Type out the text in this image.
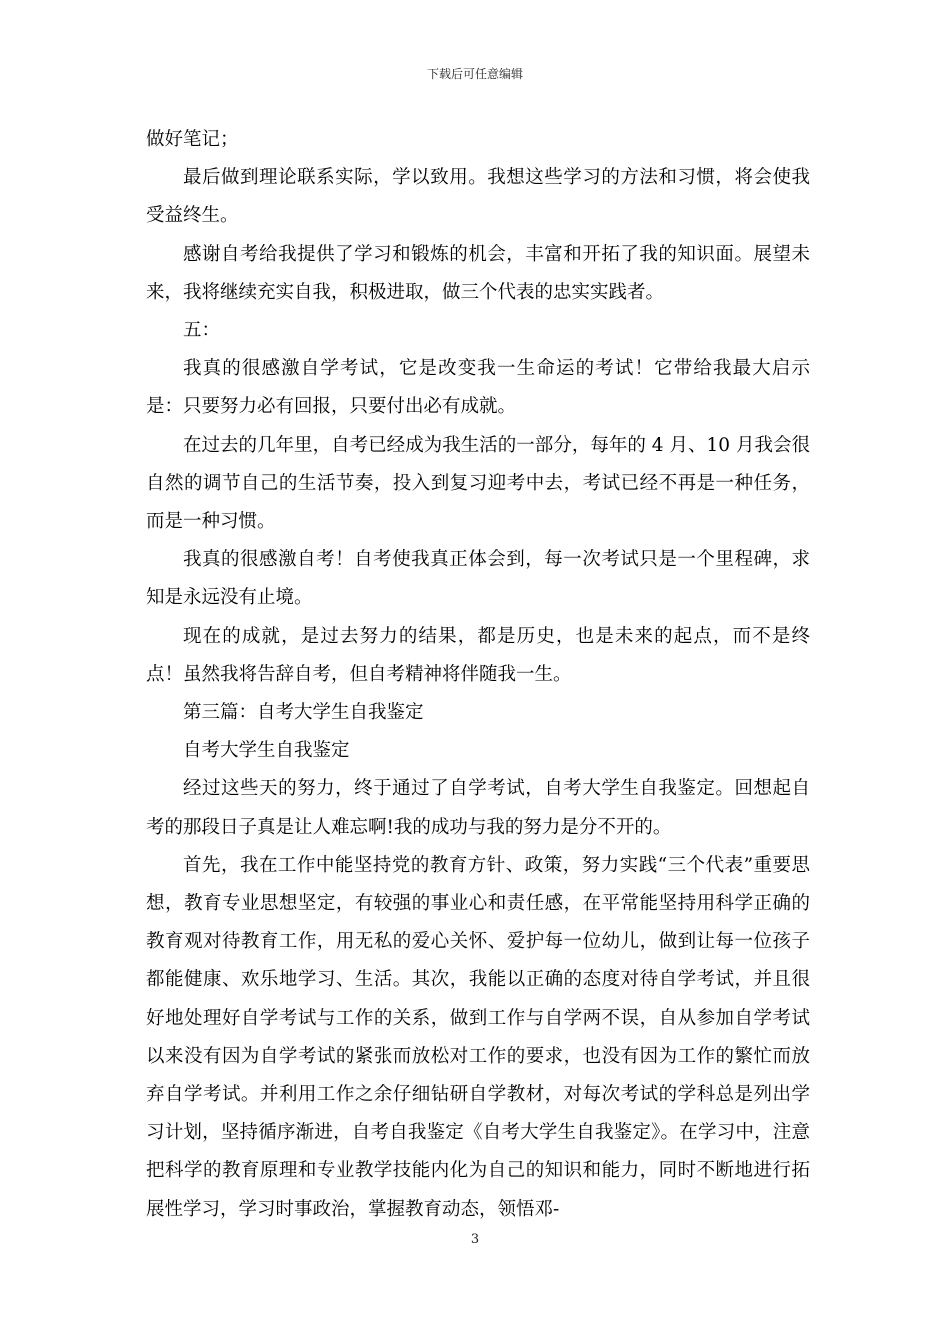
下载后可任意编辑

做好笔记；

最后做到理论联系实际，学以致用。我想这些学习的方法和习惯，将会使我受益终生。

感谢自考给我提供了学习和锻炼的机会，丰富和开拓了我的知识面。展望未来，我将继续充实自我，积极进取，做三个代表的忠实实践者。

五：

我真的很感激自学考试，它是改变我一生命运的考试！它带给我最大启示是：只要努力必有回报，只要付出必有成就。

在过去的几年里，自考已经成为我生活的一部分，每年的 4 月、10 月我会很自然的调节自己的生活节奏，投入到复习迎考中去，考试已经不再是一种任务，而是一种习惯。

我真的很感激自考！自考使我真正体会到，每一次考试只是一个里程碑，求知是永远没有止境。

现在的成就，是过去努力的结果，都是历史，也是未来的起点，而不是终点！虽然我将告辞自考，但自考精神将伴随我一生。

第三篇：自考大学生自我鉴定

自考大学生自我鉴定

经过这些天的努力，终于通过了自学考试，自考大学生自我鉴定。回想起自考的那段日子真是让人难忘啊!我的成功与我的努力是分不开的。

首先，我在工作中能坚持党的教育方针、政策，努力实践“三个代表”重要思想，教育专业思想坚定，有较强的事业心和责任感，在平常能坚持用科学正确的教育观对待教育工作，用无私的爱心关怀、爱护每一位幼儿，做到让每一位孩子都能健康、欢乐地学习、生活。其次，我能以正确的态度对待自学考试，并且很好地处理好自学考试与工作的关系，做到工作与自学两不误，自从参加自学考试以来没有因为自学考试的紧张而放松对工作的要求，也没有因为工作的繁忙而放弃自学考试。并利用工作之余仔细钻研自学教材，对每次考试的学科总是列出学习计划，坚持循序渐进，自考自我鉴定《自考大学生自我鉴定》。在学习中，注意把科学的教育原理和专业教学技能内化为自己的知识和能力，同时不断地进行拓展性学习，学习时事政治，掌握教育动态，领悟邓-

3
